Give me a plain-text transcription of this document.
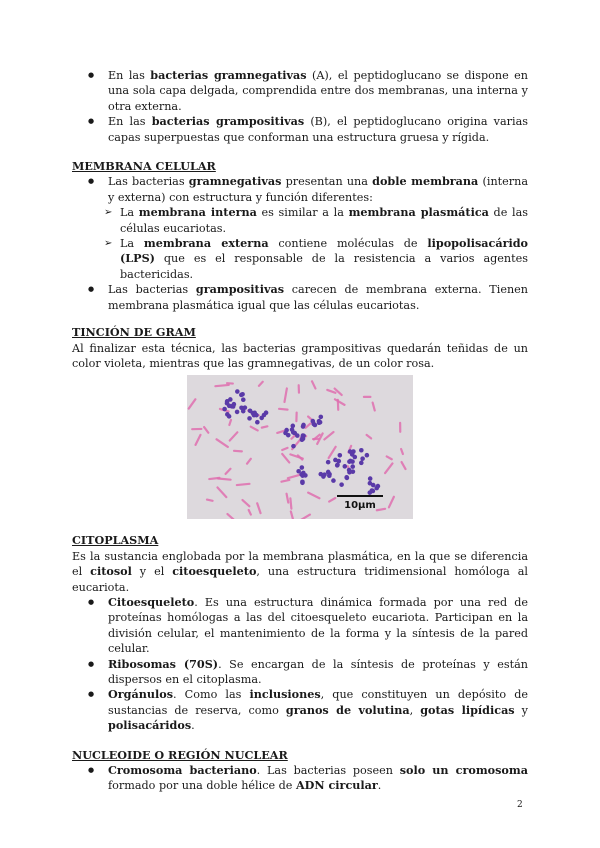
● En las bacterias gramnegativas (A), el peptidoglucano se dispone en una sola capa delgada, comprendida entre dos membranas, una interna y otra externa.
● En las bacterias grampositivas (B), el peptidoglucano origina varias capas superpuestas que conforman una estructura gruesa y rígida.
MEMBRANA CELULAR
● Las bacterias gramnegativas presentan una doble membrana (interna y externa) con estructura y función diferentes:
➢ La membrana interna es similar a la membrana plasmática de las células eucariotas.
➢ La membrana externa contiene moléculas de lipopolisacárido (LPS) que es el responsable de la resistencia a varios agentes bactericidas.
● Las bacterias grampositivas carecen de membrana externa. Tienen membrana plasmática igual que las células eucariotas.
TINCIÓN DE GRAM

Al finalizar esta técnica, las bacterias grampositivas quedarán teñidas de un color violeta, mientras que las gramnegativas, de un color rosa.

10µm
CITOPLASMA

Es la sustancia englobada por la membrana plasmática, en la que se diferencia el citosol y el citoesqueleto, una estructura tridimensional homóloga al eucariota.

● Citoesqueleto. Es una estructura dinámica formada por una red de proteínas homólogas a las del citoesqueleto eucariota. Participan en la división celular, el mantenimiento de la forma y la síntesis de la pared celular.
● Ribosomas (70S). Se encargan de la síntesis de proteínas y están dispersos en el citoplasma.
● Orgánulos. Como las inclusiones, que constituyen un depósito de sustancias de reserva, como granos de volutina, gotas lipídicas y polisacáridos.
NUCLEOIDE O REGIÓN NUCLEAR
● Cromosoma bacteriano. Las bacterias poseen solo un cromosoma formado por una doble hélice de ADN circular.
2
